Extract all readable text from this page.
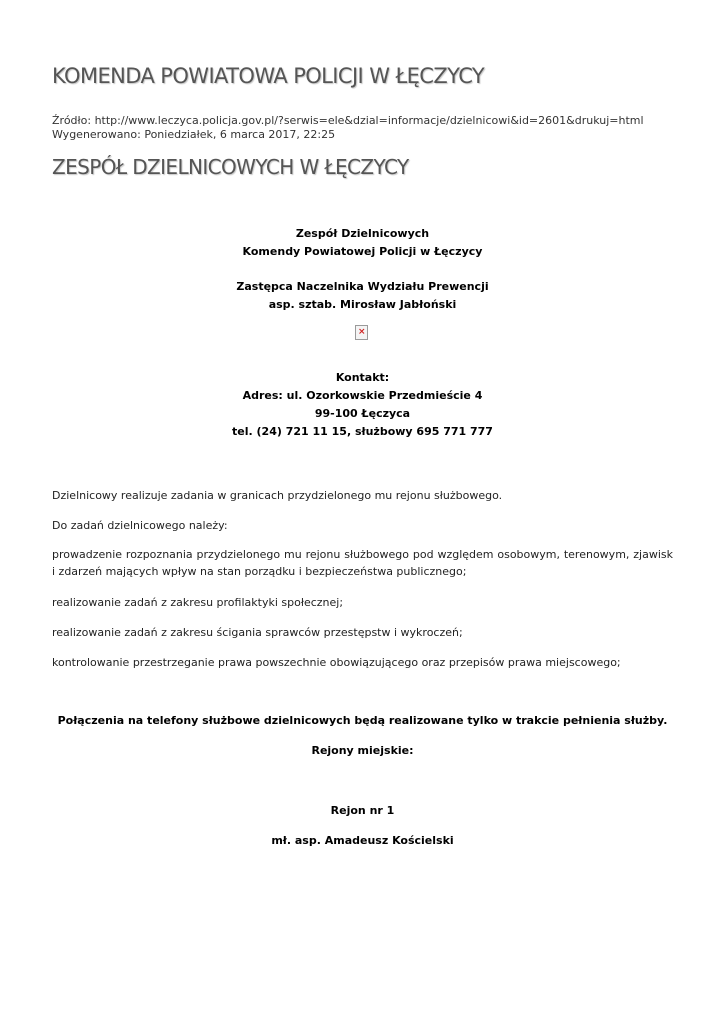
KOMENDA POWIATOWA POLICJI W ŁĘCZYCY
Źródło: http://www.leczyca.policja.gov.pl/?serwis=ele&dzial=informacje/dzielnicowi&id=2601&drukuj=html
Wygenerowano: Poniedziałek, 6 marca 2017, 22:25
ZESPÓŁ DZIELNICOWYCH W ŁĘCZYCY
Zespół Dzielnicowych
Komendy Powiatowej Policji w Łęczycy
Zastępca Naczelnika Wydziału Prewencji
asp. sztab. Mirosław Jabłoński
×
Kontakt:
Adres: ul. Ozorkowskie Przedmieście 4
99-100 Łęczyca
tel. (24) 721 11 15, służbowy 695 771 777

Dzielnicowy realizuje zadania w granicach przydzielonego mu rejonu służbowego.

Do zadań dzielnicowego należy:

prowadzenie rozpoznania przydzielonego mu rejonu służbowego pod względem osobowym, terenowym, zjawisk i zdarzeń mających wpływ na stan porządku i bezpieczeństwa publicznego;

realizowanie zadań z zakresu profilaktyki społecznej;

realizowanie zadań z zakresu ścigania sprawców przestępstw i wykroczeń;

kontrolowanie przestrzeganie prawa powszechnie obowiązującego oraz przepisów prawa miejscowego;

Połączenia na telefony służbowe dzielnicowych będą realizowane tylko w trakcie pełnienia służby.
Rejony miejskie:
Rejon nr 1
mł. asp. Amadeusz Kościelski
